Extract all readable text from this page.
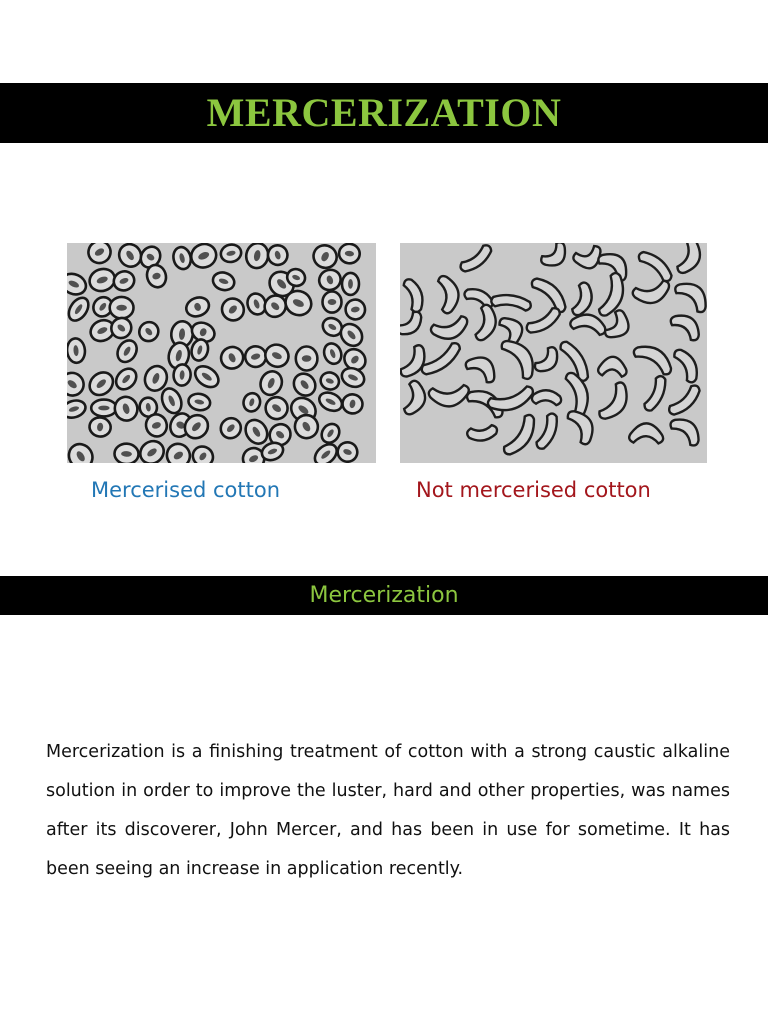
MERCERIZATION
Mercerised cotton	Not mercerised cotton
Mercerization

Mercerization is a finishing treatment of cotton with a strong caustic alkaline solution in order to improve the luster, hard and other properties, was names after its discoverer, John Mercer, and has been in use for sometime. It has been seeing an increase in application recently.
